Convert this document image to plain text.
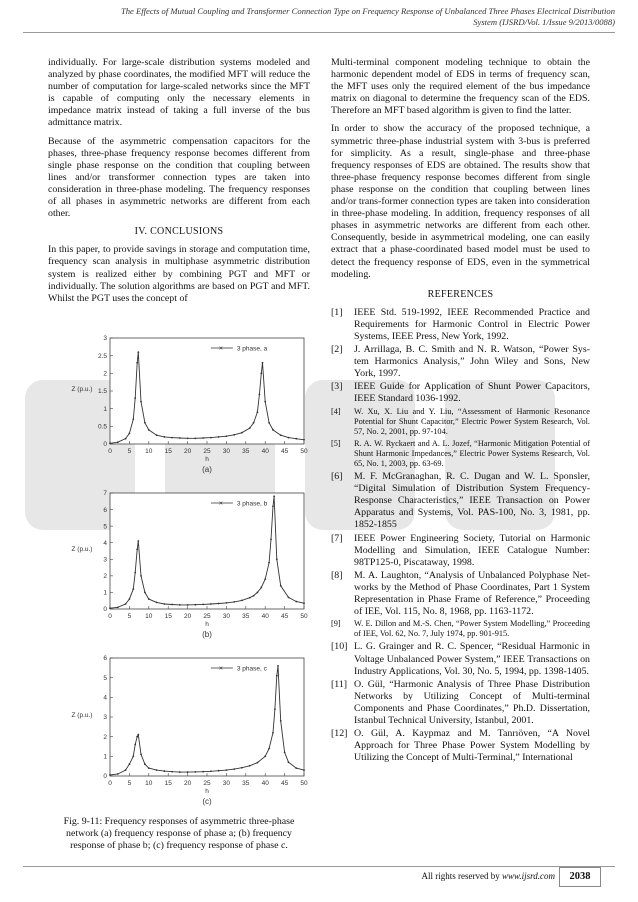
The Effects of Mutual Coupling and Transformer Connection Type on Frequency Response of Unbalanced Three Phases Electrical Distribution
System (IJSRD/Vol. 1/Issue 9/2013/0088)

individually. For large-scale distribution systems modeled and analyzed by phase coordinates, the modified MFT will reduce the number of computation for large-scaled networks since the MFT is capable of computing only the necessary elements in impedance matrix instead of taking a full inverse of the bus admittance matrix.

Because of the asymmetric compensation capacitors for the phases, three-phase frequency response becomes different from single phase response on the condition that coupling between lines and/or transformer connection types are taken into consideration in three-phase modeling. The frequency responses of all phases in asymmetric networks are different from each other.

IV. CONCLUSIONS

In this paper, to provide savings in storage and computation time, frequency scan analysis in multiphase asymmetric distribution system is realized either by combining PGT and MFT or individually. The solution algorithms are based on PGT and MFT. Whilst the PGT uses the concept of

0 5 10 15 20 25 30 35 40 45 50
0
0.5
1
1.5
2
2.5
3
Z (p.u.)
h
(a)
× 3 phase, a
0 5 10 15 20 25 30 35 40 45 50
0
1
2
3
4
5
6
7
Z (p.u.)
h
(b)
× 3 phase, b
0 5 10 15 20 25 30 35 40 45 50
0
1
2
3
4
5
6
Z (p.u.)
h
(c)
× 3 phase, c
Fig. 9-11: Frequency responses of asymmetric three-phase network (a) frequency response of phase a; (b) frequency response of phase b; (c) frequency response of phase c.

Multi-terminal component modeling technique to obtain the harmonic dependent model of EDS in terms of frequency scan, the MFT uses only the required element of the bus impedance matrix on diagonal to determine the frequency scan of the EDS. Therefore an MFT based algorithm is given to find the latter.

In order to show the accuracy of the proposed technique, a symmetric three-phase industrial system with 3-bus is preferred for simplicity. As a result, single-phase and three-phase frequency responses of EDS are obtained. The results show that three-phase frequency response becomes different from single phase response on the condition that coupling between lines and/or trans-former connection types are taken into consideration in three-phase modeling. In addition, frequency responses of all phases in asymmetric networks are different from each other. Consequently, beside in asymmetrical modeling, one can easily extract that a phase-coordinated based model must be used to detect the frequency response of EDS, even in the symmetrical modeling.

REFERENCES
[1]	IEEE Std. 519-1992, IEEE Recommended Practice and Requirements for Harmonic Control in Electric Power Systems, IEEE Press, New York, 1992.
[2]	J. Arrillaga, B. C. Smith and N. R. Watson, “Power Sys-tem Harmonics Analysis,” John Wiley and Sons, New York, 1997.
[3]	IEEE Guide for Application of Shunt Power Capacitors, IEEE Standard 1036-1992.
[4]	W. Xu, X. Liu and Y. Liu, “Assessment of Harmonic Resonance Potential for Shunt Capacitor,” Electric Power System Research, Vol. 57, No. 2, 2001, pp. 97-104.
[5]	R. A. W. Ryckaert and A. L. Jozef, “Harmonic Mitigation Potential of Shunt Harmonic Impedances,” Electric Power Systems Research, Vol. 65, No. 1, 2003, pp. 63-69.
[6]	M. F. McGranaghan, R. C. Dugan and W. L. Sponsler, “Digital Simulation of Distribution System Frequency-Response Characteristics,” IEEE Transaction on Power Apparatus and Systems, Vol. PAS-100, No. 3, 1981, pp. 1852-1855
[7]	IEEE Power Engineering Society, Tutorial on Harmonic Modelling and Simulation, IEEE Catalogue Number: 98TP125-0, Piscataway, 1998.
[8]	M. A. Laughton, “Analysis of Unbalanced Polyphase Net-works by the Method of Phase Coordinates, Part 1 System Representation in Phase Frame of Reference,” Proceeding of IEE, Vol. 115, No. 8, 1968, pp. 1163-1172.
[9]	W. E. Dillon and M.-S. Chen, “Power System Modelling,” Proceeding of IEE, Vol. 62, No. 7, July 1974, pp. 901-915.
[10] L. G. Grainger and R. C. Spencer, “Residual Harmonic in Voltage Unbalanced Power System,” IEEE Transactions on Industry Applications, Vol. 30, No. 5, 1994, pp. 1398-1405.
[11] O. Gül, “Harmonic Analysis of Three Phase Distribution Networks by Utilizing Concept of Multi-terminal Components and Phase Coordinates,” Ph.D. Dissertation, Istanbul Technical University, Istanbul, 2001.
[12] O. Gül, A. Kaypmaz and M. Tanrıöven, “A Novel Approach for Three Phase Power System Modelling by Utilizing the Concept of Multi-Terminal,” International
All rights reserved by www.ijsrd.com	2038
